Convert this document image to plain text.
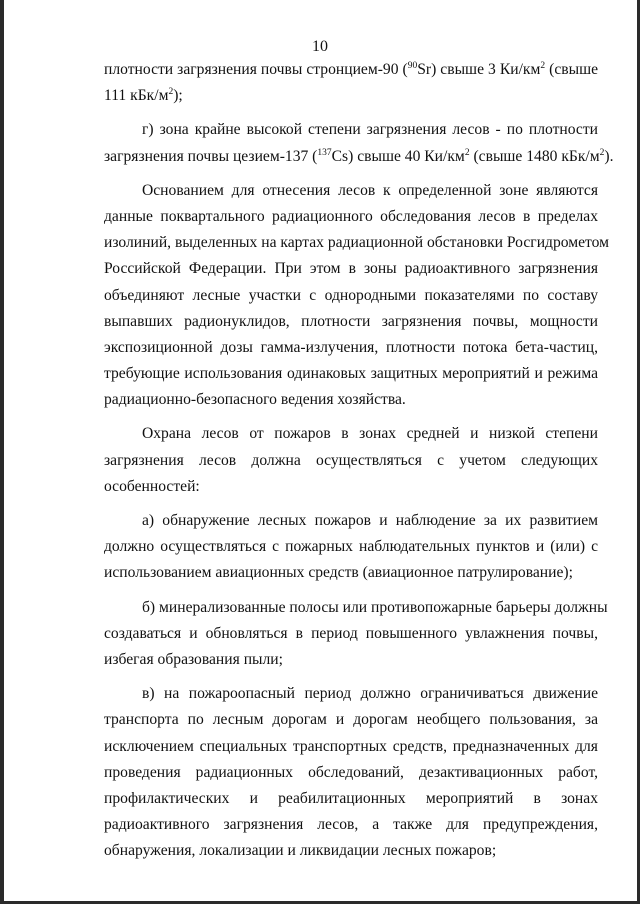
10
плотности загрязнения почвы стронцием-90 ($^{90}$Sr) свыше 3 $Ки/км^2$ (свыше
111 кБк/$м^2$);
г) зона крайне высокой степени загрязнения лесов - по плотности
загрязнения почвы цезием-137 ($^{137}$Cs) свыше 40 $Ки/км^2$ (свыше 1480 кБк/$м^2$).
Основанием для отнесения лесов к определенной зоне являются
данные поквартального радиационного обследования лесов в пределах
изолиний, выделенных на картах радиационной обстановки Росгидрометом
Российской Федерации. При этом в зоны радиоактивного загрязнения
объединяют лесные участки с однородными показателями по составу
выпавших радионуклидов, плотности загрязнения почвы, мощности
экспозиционной дозы гамма-излучения, плотности потока бета-частиц,
требующие использования одинаковых защитных мероприятий и режима
радиационно-безопасного ведения хозяйства.
Охрана лесов от пожаров в зонах средней и низкой степени
загрязнения лесов должна осуществляться с учетом следующих
особенностей:
а) обнаружение лесных пожаров и наблюдение за их развитием
должно осуществляться с пожарных наблюдательных пунктов и (или) с
использованием авиационных средств (авиационное патрулирование);
б) минерализованные полосы или противопожарные барьеры должны
создаваться и обновляться в период повышенного увлажнения почвы,
избегая образования пыли;
в) на пожароопасный период должно ограничиваться движение
транспорта по лесным дорогам и дорогам необщего пользования, за
исключением специальных транспортных средств, предназначенных для
проведения радиационных обследований, дезактивационных работ,
профилактических и реабилитационных мероприятий в зонах
радиоактивного загрязнения лесов, а также для предупреждения,
обнаружения, локализации и ликвидации лесных пожаров;
